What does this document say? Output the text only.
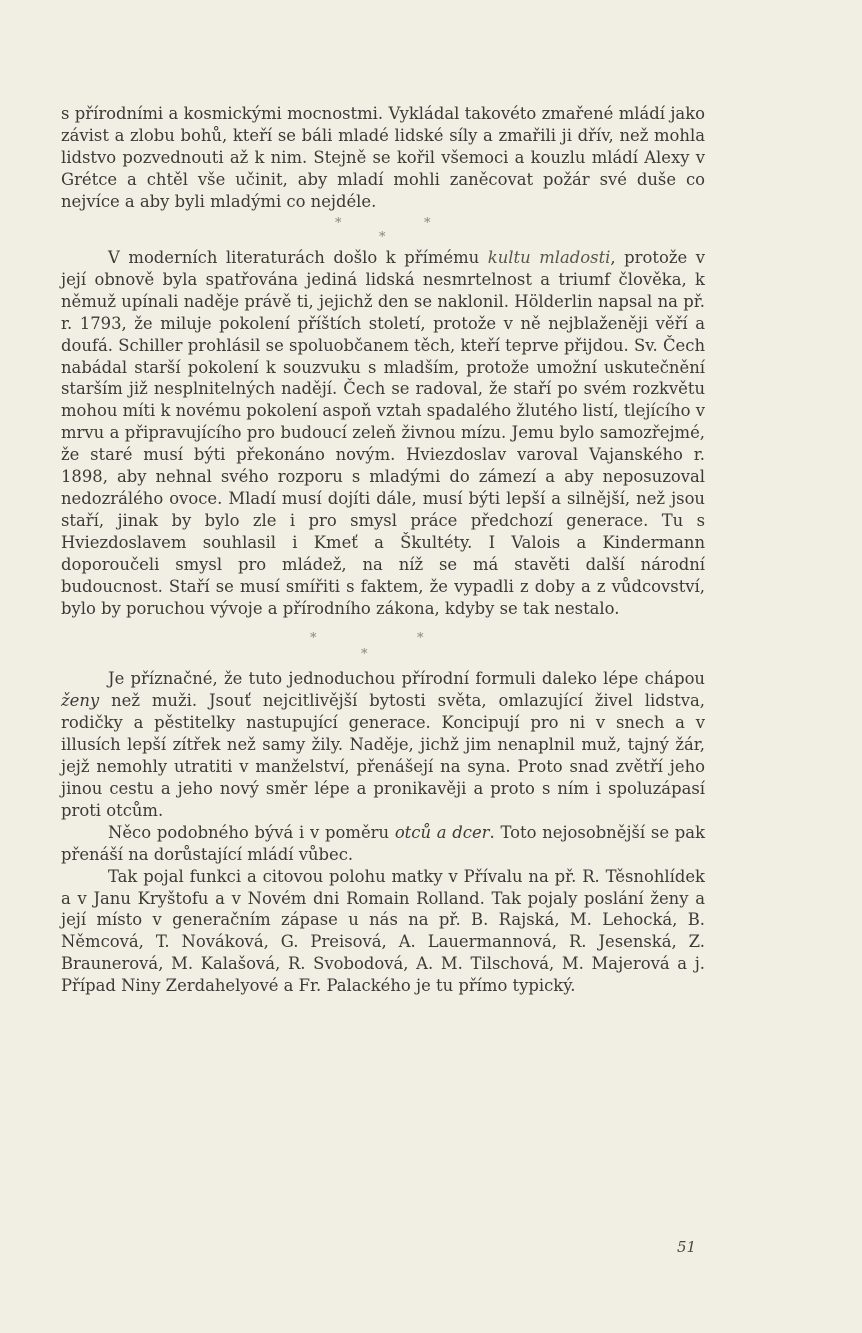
s přírodními a kosmickými mocnostmi. Vykládal takovéto zmařené mládí jako závist a zlobu bohů, kteří se báli mladé lidské síly a zmařili ji dřív, než mohla lidstvo pozvednouti až k nim. Stejně se kořil všemoci a kouzlu mládí Alexy v Grétce a chtěl vše učinit, aby mladí mohli zaněcovat požár své duše co nejvíce a aby byli mladými co nejdéle.

*	*
*

V moderních literaturách došlo k přímému kultu mladosti, protože v její obnově byla spatřována jediná lidská nesmrtelnost a triumf člověka, k němuž upínali naděje právě ti, jejichž den se naklonil. Hölderlin napsal na př. r. 1793, že miluje pokolení příštích století, protože v ně nejblaženěji věří a doufá. Schiller prohlásil se spoluobčanem těch, kteří teprve přijdou. Sv. Čech nabádal starší pokolení k souzvuku s mladším, protože umožní uskutečnění starším již nesplnitelných nadějí. Čech se radoval, že staří po svém rozkvětu mohou míti k novému pokolení aspoň vztah spadalého žlutého listí, tlejícího v mrvu a připravujícího pro budoucí zeleň živnou mízu. Jemu bylo samozřejmé, že staré musí býti překonáno novým. Hviezdoslav varoval Vajanského r. 1898, aby nehnal svého rozporu s mladými do zámezí a aby neposuzoval nedozrálého ovoce. Mladí musí dojíti dále, musí býti lepší a silnější, než jsou staří, jinak by bylo zle i pro smysl práce předchozí generace. Tu s Hviezdoslavem souhlasil i Kmeť a Škultéty. I Valois a Kindermann doporoučeli smysl pro mládež, na níž se má stavěti další národní budoucnost. Staří se musí smířiti s faktem, že vypadli z doby a z vůdcovství, bylo by poruchou vývoje a přírodního zákona, kdyby se tak nestalo.

*	*
*

Je příznačné, že tuto jednoduchou přírodní formuli daleko lépe chápou ženy než muži. Jsouť nejcitlivější bytosti světa, omlazující živel lidstva, rodičky a pěstitelky nastupující generace. Koncipují pro ni v snech a v illusích lepší zítřek než samy žily. Naděje, jichž jim nenaplnil muž, tajný žár, jejž nemohly utratiti v manželství, přenášejí na syna. Proto snad zvětří jeho jinou cestu a jeho nový směr lépe a pronikavěji a proto s ním i spoluzápasí proti otcům.

Něco podobného bývá i v poměru otců a dcer. Toto nejosobnější se pak přenáší na dorůstající mládí vůbec.

Tak pojal funkci a citovou polohu matky v Přívalu na př. R. Těsnohlídek a v Janu Kryštofu a v Novém dni Romain Rolland. Tak pojaly poslání ženy a její místo v generačním zápase u nás na př. B. Rajská, M. Lehocká, B. Němcová, T. Nováková, G. Preisová, A. Lauermannová, R. Jesenská, Z. Braunerová, M. Kalašová, R. Svobodová, A. M. Tilschová, M. Majerová a j. Případ Niny Zerdahelyové a Fr. Palackého je tu přímo typický.

51
